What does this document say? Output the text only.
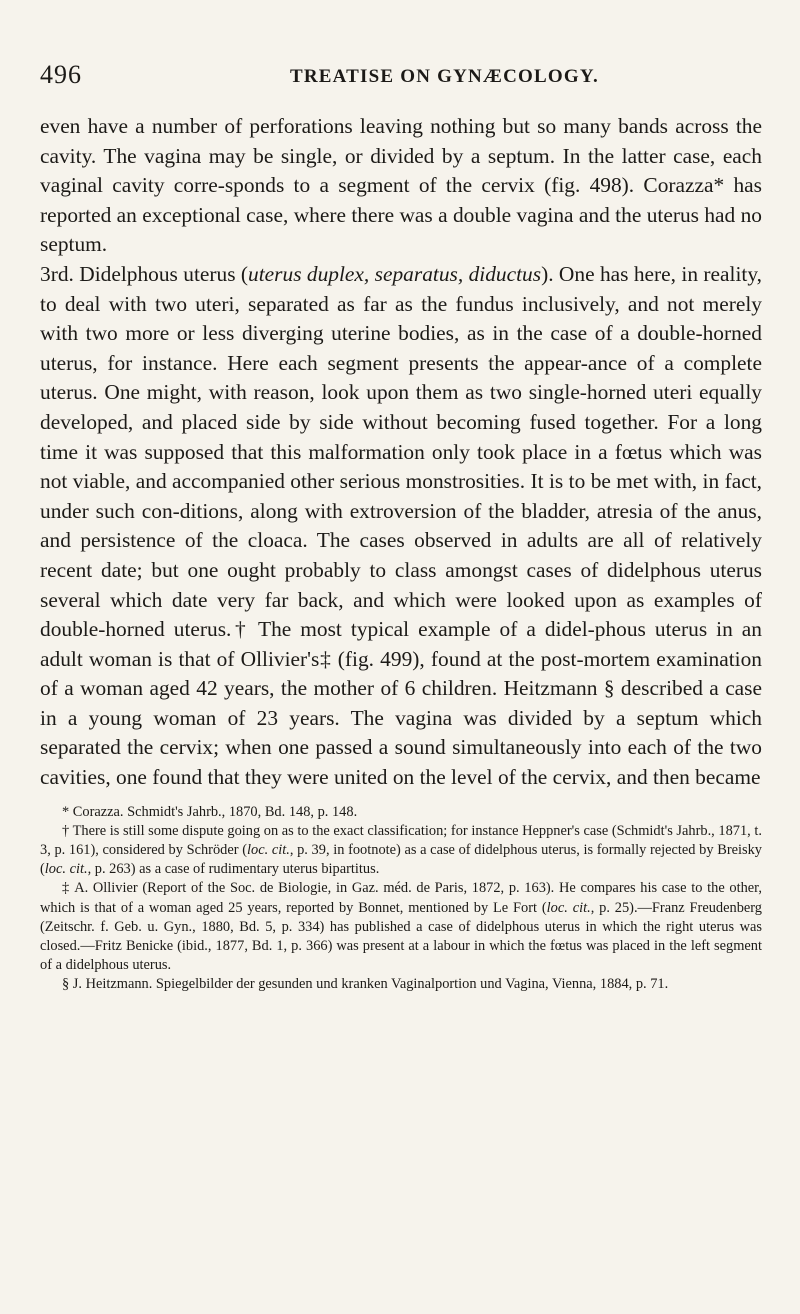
496	TREATISE ON GYNÆCOLOGY.

even have a number of perforations leaving nothing but so many bands across the cavity. The vagina may be single, or divided by a septum. In the latter case, each vaginal cavity corre-sponds to a segment of the cervix (fig. 498). Corazza* has reported an exceptional case, where there was a double vagina and the uterus had no septum.

3rd. Didelphous uterus (uterus duplex, separatus, diductus). One has here, in reality, to deal with two uteri, separated as far as the fundus inclusively, and not merely with two more or less diverging uterine bodies, as in the case of a double-horned uterus, for instance. Here each segment presents the appear-ance of a complete uterus. One might, with reason, look upon them as two single-horned uteri equally developed, and placed side by side without becoming fused together. For a long time it was supposed that this malformation only took place in a fœtus which was not viable, and accompanied other serious monstrosities. It is to be met with, in fact, under such con-ditions, along with extroversion of the bladder, atresia of the anus, and persistence of the cloaca. The cases observed in adults are all of relatively recent date; but one ought probably to class amongst cases of didelphous uterus several which date very far back, and which were looked upon as examples of double-horned uterus.† The most typical example of a didel-phous uterus in an adult woman is that of Ollivier's‡ (fig. 499), found at the post-mortem examination of a woman aged 42 years, the mother of 6 children. Heitzmann § described a case in a young woman of 23 years. The vagina was divided by a septum which separated the cervix; when one passed a sound simultaneously into each of the two cavities, one found that they were united on the level of the cervix, and then became

* Corazza. Schmidt's Jahrb., 1870, Bd. 148, p. 148.

† There is still some dispute going on as to the exact classification; for instance Heppner's case (Schmidt's Jahrb., 1871, t. 3, p. 161), considered by Schröder (loc. cit., p. 39, in footnote) as a case of didelphous uterus, is formally rejected by Breisky (loc. cit., p. 263) as a case of rudimentary uterus bipartitus.

‡ A. Ollivier (Report of the Soc. de Biologie, in Gaz. méd. de Paris, 1872, p. 163). He compares his case to the other, which is that of a woman aged 25 years, reported by Bonnet, mentioned by Le Fort (loc. cit., p. 25).—Franz Freudenberg (Zeitschr. f. Geb. u. Gyn., 1880, Bd. 5, p. 334) has published a case of didelphous uterus in which the right uterus was closed.—Fritz Benicke (ibid., 1877, Bd. 1, p. 366) was present at a labour in which the fœtus was placed in the left segment of a didelphous uterus.

§ J. Heitzmann. Spiegelbilder der gesunden und kranken Vaginalportion und Vagina, Vienna, 1884, p. 71.
